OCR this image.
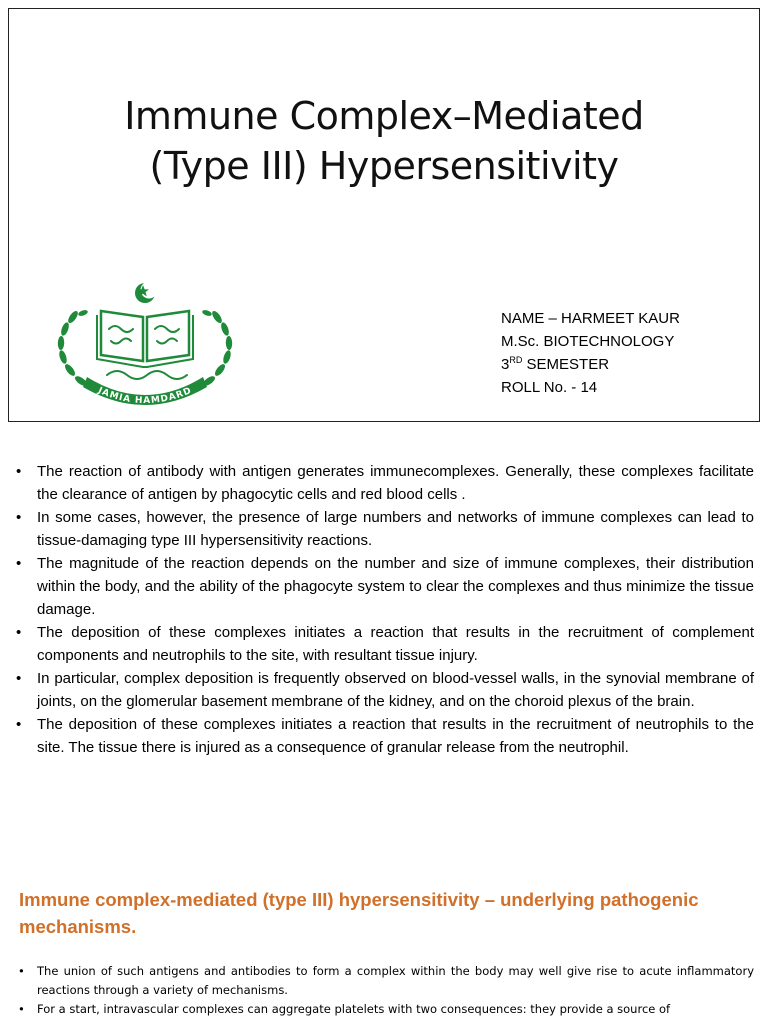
Immune Complex–Mediated
(Type III) Hypersensitivity
JAMIA HAMDARD
NAME – HARMEET KAUR
M.Sc. BIOTECHNOLOGY
3RD SEMESTER
ROLL No. - 14
• The reaction of antibody with antigen generates immunecomplexes. Generally, these complexes facilitate the clearance of antigen by phagocytic cells and red blood cells .
• In some cases, however, the presence of large numbers and networks of immune complexes can lead to tissue-damaging type III hypersensitivity reactions.
• The magnitude of the reaction depends on the number and size of immune complexes, their distribution within the body, and the ability of the phagocyte system to clear the complexes and thus minimize the tissue damage.
• The deposition of these complexes initiates a reaction that results in the recruitment of complement components and neutrophils to the site, with resultant tissue injury.
• In particular, complex deposition is frequently observed on blood-vessel walls, in the synovial membrane of joints, on the glomerular basement membrane of the kidney, and on the choroid plexus of the brain.
• The deposition of these complexes initiates a reaction that results in the recruitment of neutrophils to the site. The tissue there is injured as a consequence of granular release from the neutrophil.
Immune complex-mediated (type III) hypersensitivity – underlying pathogenic mechanisms.
• The union of such antigens and antibodies to form a complex within the body may well give rise to acute inflammatory reactions through a variety of mechanisms.
• For a start, intravascular complexes can aggregate platelets with two consequences: they provide a source of
